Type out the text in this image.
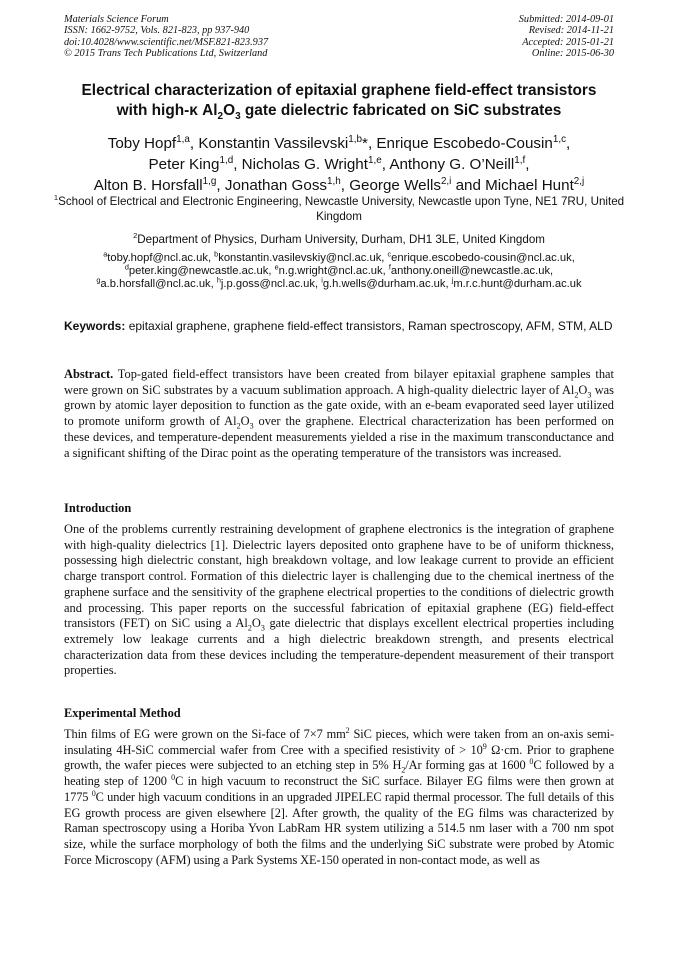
Materials Science Forum
ISSN: 1662-9752, Vols. 821-823, pp 937-940
doi:10.4028/www.scientific.net/MSF.821-823.937
© 2015 Trans Tech Publications Ltd, Switzerland
Submitted: 2014-09-01
Revised: 2014-11-21
Accepted: 2015-01-21
Online: 2015-06-30
Electrical characterization of epitaxial graphene field-effect transistors
with high-κ $Al_2O_3$ gate dielectric fabricated on SiC substrates
Toby Hopf$^{1,a}$, Konstantin Vassilevski$^{1,b}$*, Enrique Escobedo-Cousin$^{1,c}$,
Peter King$^{1,d}$, Nicholas G. Wright$^{1,e}$, Anthony G. O’Neill$^{1,f}$,
Alton B. Horsfall$^{1,g}$, Jonathan Goss$^{1,h}$, George Wells$^{2,i}$ and Michael Hunt$^{2,j}$
$^1$School of Electrical and Electronic Engineering, Newcastle University, Newcastle upon Tyne, NE1 7RU, United Kingdom
$^2$Department of Physics, Durham University, Durham, DH1 3LE, United Kingdom
$^a$toby.hopf@ncl.ac.uk, $^b$konstantin.vasilevskiy@ncl.ac.uk, $^c$enrique.escobedo-cousin@ncl.ac.uk,
$^d$peter.king@newcastle.ac.uk, $^e$n.g.wright@ncl.ac.uk, $^f$anthony.oneill@newcastle.ac.uk,
$^g$a.b.horsfall@ncl.ac.uk, $^h$j.p.goss@ncl.ac.uk, $^i$g.h.wells@durham.ac.uk, $^j$m.r.c.hunt@durham.ac.uk
Keywords: epitaxial graphene, graphene field-effect transistors, Raman spectroscopy, AFM, STM, ALD
Abstract. Top-gated field-effect transistors have been created from bilayer epitaxial graphene samples that were grown on SiC substrates by a vacuum sublimation approach. A high-quality dielectric layer of $Al_2O_3$ was grown by atomic layer deposition to function as the gate oxide, with an e-beam evaporated seed layer utilized to promote uniform growth of $Al_2O_3$ over the graphene. Electrical characterization has been performed on these devices, and temperature-dependent measurements yielded a rise in the maximum transconductance and a significant shifting of the Dirac point as the operating temperature of the transistors was increased.
Introduction
One of the problems currently restraining development of graphene electronics is the integration of graphene with high-quality dielectrics [1]. Dielectric layers deposited onto graphene have to be of uniform thickness, possessing high dielectric constant, high breakdown voltage, and low leakage current to provide an efficient charge transport control. Formation of this dielectric layer is challenging due to the chemical inertness of the graphene surface and the sensitivity of the graphene electrical properties to the conditions of dielectric growth and processing. This paper reports on the successful fabrication of epitaxial graphene (EG) field-effect transistors (FET) on SiC using a $Al_2O_3$ gate dielectric that displays excellent electrical properties including extremely low leakage currents and a high dielectric breakdown strength, and presents electrical characterization data from these devices including the temperature-dependent measurement of their transport properties.
Experimental Method
Thin films of EG were grown on the Si-face of 7×7 $mm^2$ SiC pieces, which were taken from an on-axis semi-insulating 4H-SiC commercial wafer from Cree with a specified resistivity of > $10^9$ Ω·cm. Prior to graphene growth, the wafer pieces were subjected to an etching step in 5% $H_2/Ar$ forming gas at 1600 $^0$C followed by a heating step of 1200 $^0$C in high vacuum to reconstruct the SiC surface. Bilayer EG films were then grown at 1775 $^0$C under high vacuum conditions in an upgraded JIPELEC rapid thermal processor. The full details of this EG growth process are given elsewhere [2]. After growth, the quality of the EG films was characterized by Raman spectroscopy using a Horiba Yvon LabRam HR system utilizing a 514.5 nm laser with a 700 nm spot size, while the surface morphology of both the films and the underlying SiC substrate were probed by Atomic Force Microscopy (AFM) using a Park Systems XE-150 operated in non-contact mode, as well as
